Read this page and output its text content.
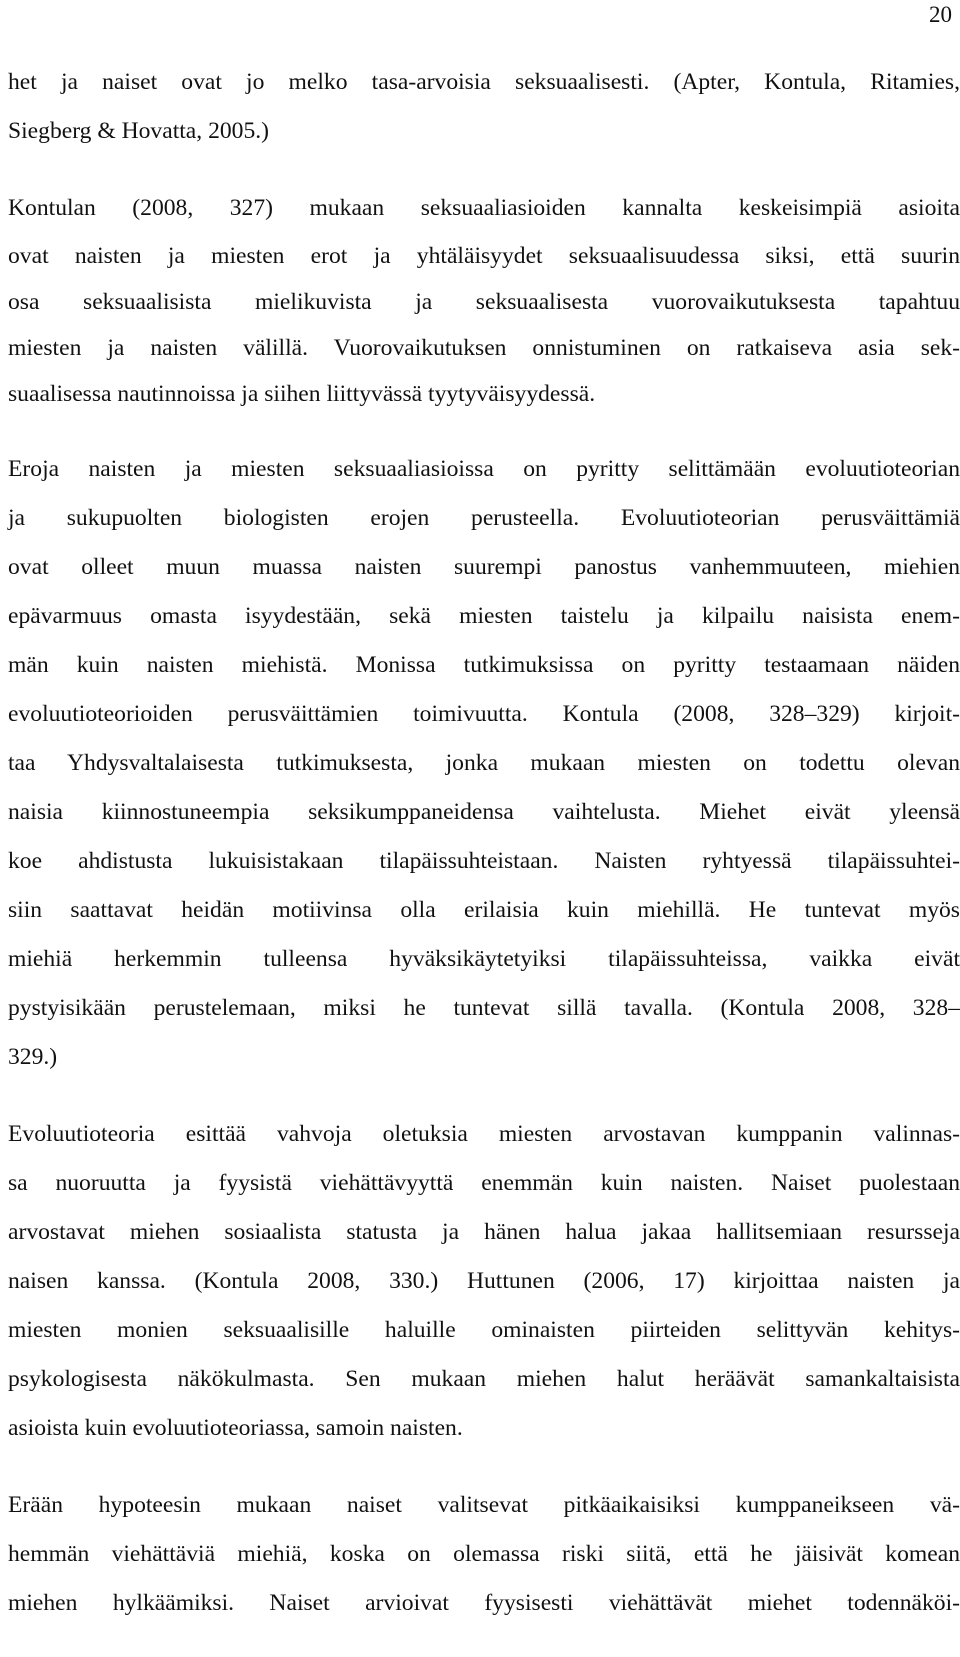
20

het ja naiset ovat jo melko tasa-arvoisia seksuaalisesti. (Apter, Kontula, Ritamies,
Siegberg & Hovatta, 2005.)

Kontulan (2008, 327) mukaan seksuaaliasioiden kannalta keskeisimpiä asioita
ovat naisten ja miesten erot ja yhtäläisyydet seksuaalisuudessa siksi, että suurin
osa seksuaalisista mielikuvista ja seksuaalisesta vuorovaikutuksesta tapahtuu
miesten ja naisten välillä. Vuorovaikutuksen onnistuminen on ratkaiseva asia sek-
suaalisessa nautinnoissa ja siihen liittyvässä tyytyväisyydessä.

Eroja naisten ja miesten seksuaaliasioissa on pyritty selittämään evoluutioteorian
ja sukupuolten biologisten erojen perusteella. Evoluutioteorian perusväittämiä
ovat olleet muun muassa naisten suurempi panostus vanhemmuuteen, miehien
epävarmuus omasta isyydestään, sekä miesten taistelu ja kilpailu naisista enem-
män kuin naisten miehistä. Monissa tutkimuksissa on pyritty testaamaan näiden
evoluutioteorioiden perusväittämien toimivuutta. Kontula (2008, 328–329) kirjoit-
taa Yhdysvaltalaisesta tutkimuksesta, jonka mukaan miesten on todettu olevan
naisia kiinnostuneempia seksikumppaneidensa vaihtelusta. Miehet eivät yleensä
koe ahdistusta lukuisistakaan tilapäissuhteistaan. Naisten ryhtyessä tilapäissuhtei-
siin saattavat heidän motiivinsa olla erilaisia kuin miehillä. He tuntevat myös
miehiä herkemmin tulleensa hyväksikäytetyiksi tilapäissuhteissa, vaikka eivät
pystyisikään perustelemaan, miksi he tuntevat sillä tavalla. (Kontula 2008, 328–
329.)

Evoluutioteoria esittää vahvoja oletuksia miesten arvostavan kumppanin valinnas-
sa nuoruutta ja fyysistä viehättävyyttä enemmän kuin naisten. Naiset puolestaan
arvostavat miehen sosiaalista statusta ja hänen halua jakaa hallitsemiaan resursseja
naisen kanssa. (Kontula 2008, 330.) Huttunen (2006, 17) kirjoittaa naisten ja
miesten monien seksuaalisille haluille ominaisten piirteiden selittyvän kehitys-
psykologisesta näkökulmasta. Sen mukaan miehen halut heräävät samankaltaisista
asioista kuin evoluutioteoriassa, samoin naisten.

Erään hypoteesin mukaan naiset valitsevat pitkäaikaisiksi kumppaneikseen vä-
hemmän viehättäviä miehiä, koska on olemassa riski siitä, että he jäisivät komean
miehen hylkäämiksi. Naiset arvioivat fyysisesti viehättävät miehet todennäköi-
